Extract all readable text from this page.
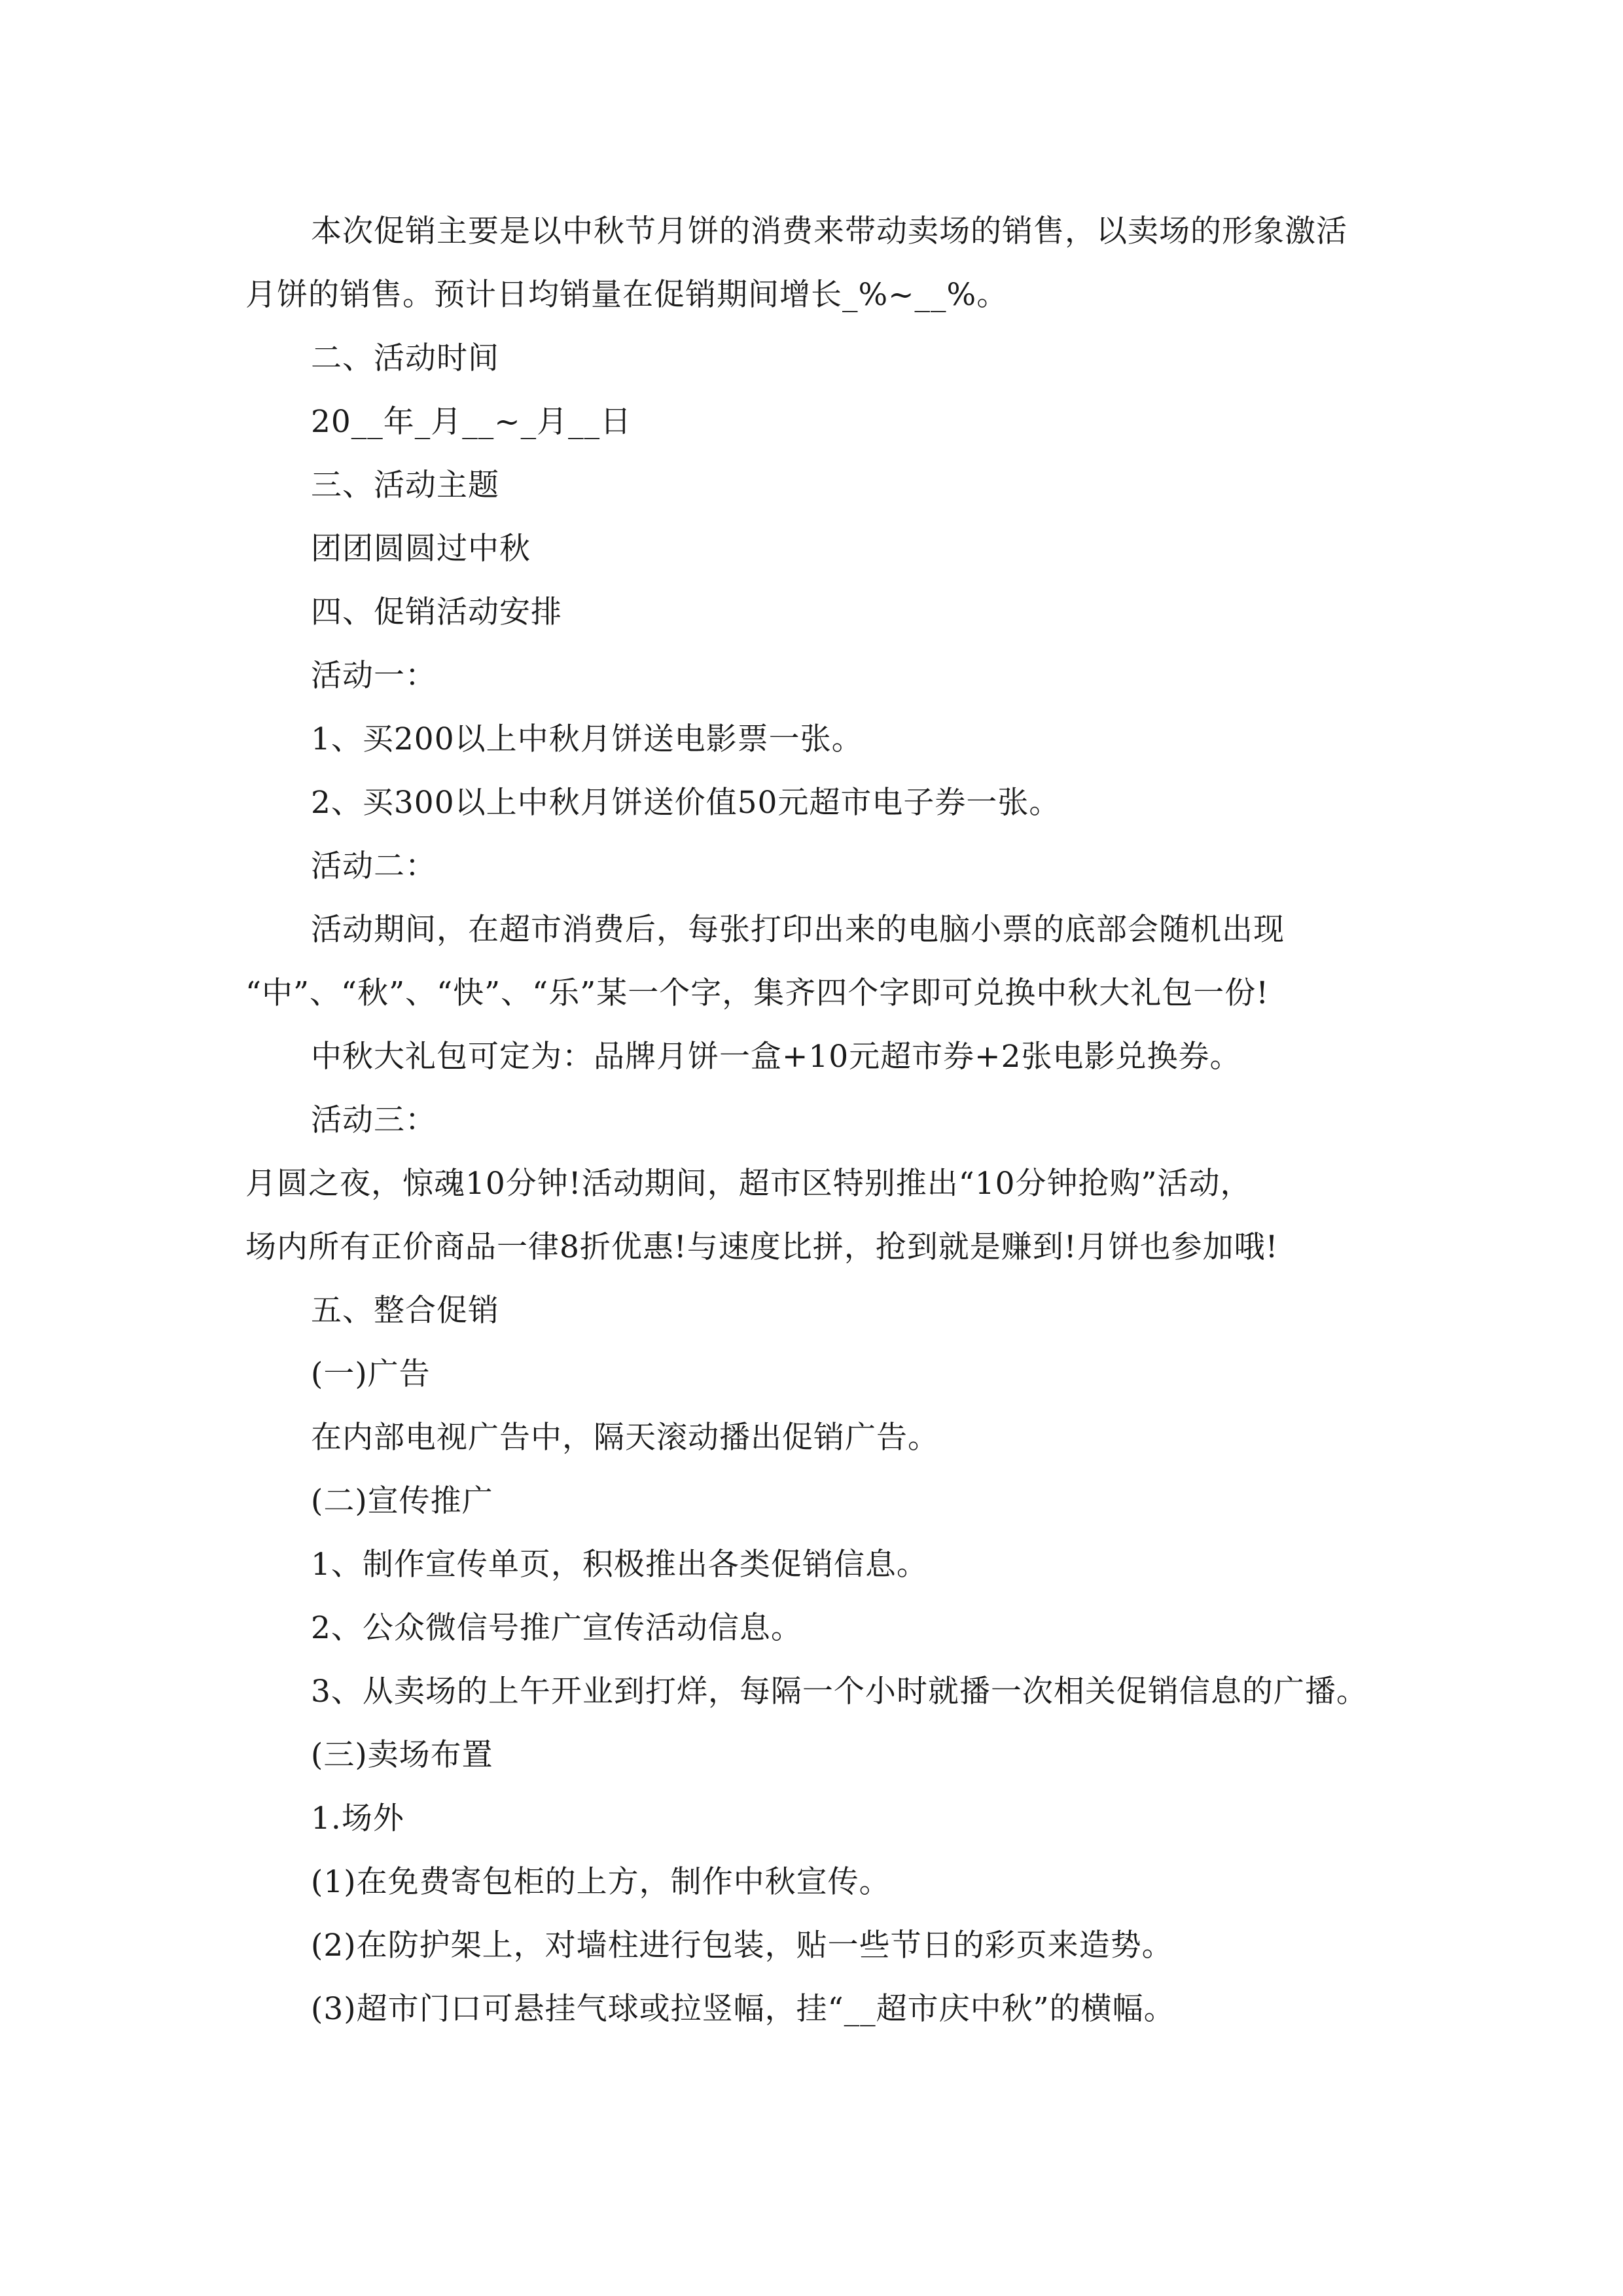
本次促销主要是以中秋节月饼的消费来带动卖场的销售，以卖场的形象激活
月饼的销售。预计日均销量在促销期间增长_%~__%。
二、活动时间
20__年_月__~_月__日
三、活动主题
团团圆圆过中秋
四、促销活动安排
活动一：
1、买200以上中秋月饼送电影票一张。
2、买300以上中秋月饼送价值50元超市电子券一张。
活动二：
活动期间，在超市消费后，每张打印出来的电脑小票的底部会随机出现
“中”、“秋”、“快”、“乐”某一个字，集齐四个字即可兑换中秋大礼包一份!
中秋大礼包可定为：品牌月饼一盒+10元超市券+2张电影兑换券。
活动三：
月圆之夜，惊魂10分钟!活动期间，超市区特别推出“10分钟抢购”活动，
场内所有正价商品一律8折优惠!与速度比拼，抢到就是赚到!月饼也参加哦!
五、整合促销
(一)广告
在内部电视广告中，隔天滚动播出促销广告。
(二)宣传推广
1、制作宣传单页，积极推出各类促销信息。
2、公众微信号推广宣传活动信息。
3、从卖场的上午开业到打烊，每隔一个小时就播一次相关促销信息的广播。
(三)卖场布置
1.场外
(1)在免费寄包柜的上方，制作中秋宣传。
(2)在防护架上，对墙柱进行包装，贴一些节日的彩页来造势。
(3)超市门口可悬挂气球或拉竖幅，挂“__超市庆中秋”的横幅。
